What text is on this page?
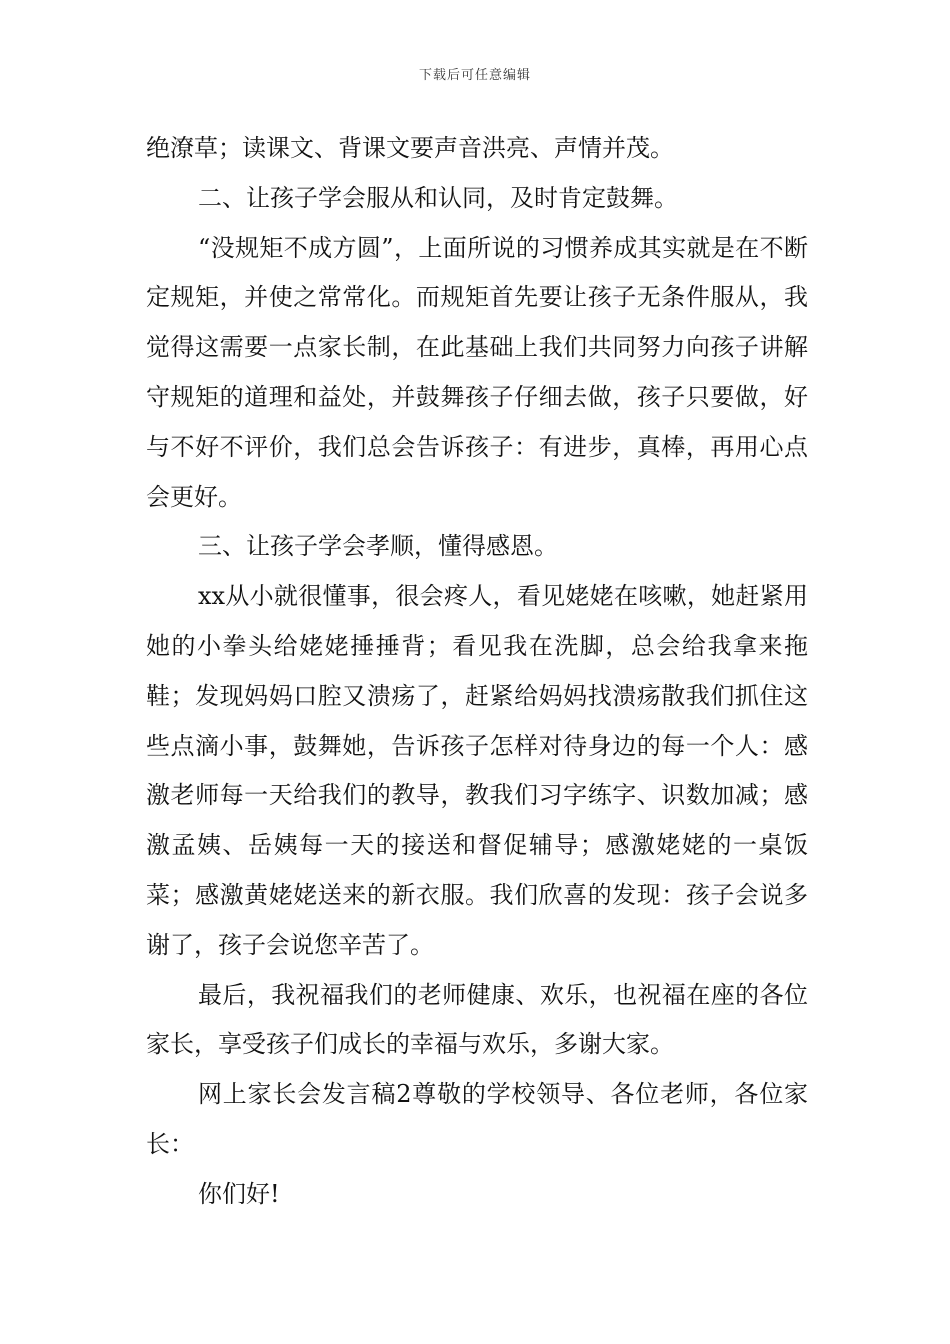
下载后可任意编辑

绝潦草；读课文、背课文要声音洪亮、声情并茂。

二、让孩子学会服从和认同，及时肯定鼓舞。

“没规矩不成方圆”，上面所说的习惯养成其实就是在不断定规矩，并使之常常化。而规矩首先要让孩子无条件服从，我觉得这需要一点家长制，在此基础上我们共同努力向孩子讲解守规矩的道理和益处，并鼓舞孩子仔细去做，孩子只要做，好与不好不评价，我们总会告诉孩子：有进步，真棒，再用心点会更好。

三、让孩子学会孝顺，懂得感恩。

xx从小就很懂事，很会疼人，看见姥姥在咳嗽，她赶紧用她的小拳头给姥姥捶捶背；看见我在洗脚，总会给我拿来拖鞋；发现妈妈口腔又溃疡了，赶紧给妈妈找溃疡散我们抓住这些点滴小事，鼓舞她，告诉孩子怎样对待身边的每一个人：感激老师每一天给我们的教导，教我们习字练字、识数加减；感激孟姨、岳姨每一天的接送和督促辅导；感激姥姥的一桌饭菜；感激黄姥姥送来的新衣服。我们欣喜的发现：孩子会说多谢了，孩子会说您辛苦了。

最后，我祝福我们的老师健康、欢乐，也祝福在座的各位家长，享受孩子们成长的幸福与欢乐，多谢大家。

网上家长会发言稿2尊敬的学校领导、各位老师，各位家长：

你们好!
